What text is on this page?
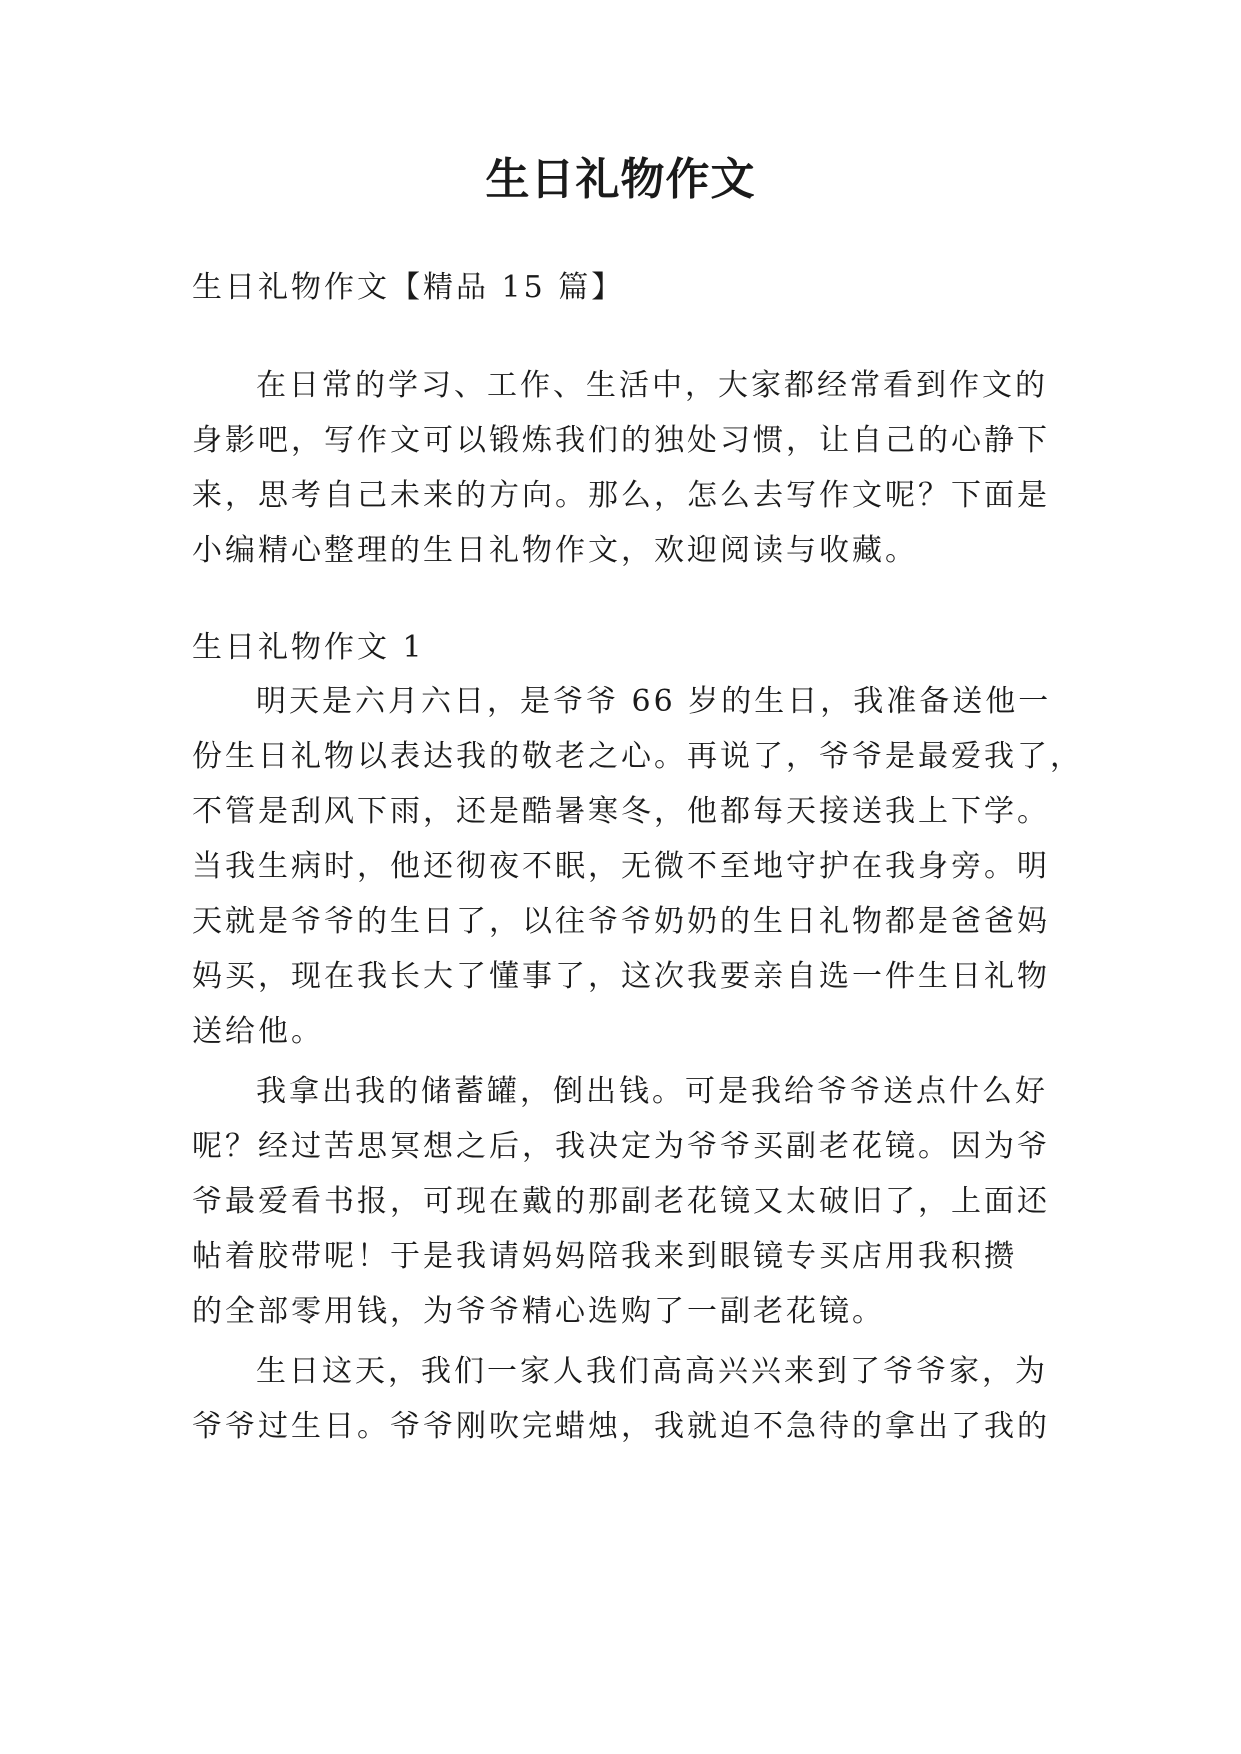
生日礼物作文
生日礼物作文【精品 15 篇】
在日常的学习、工作、生活中，大家都经常看到作文的
身影吧，写作文可以锻炼我们的独处习惯，让自己的心静下
来，思考自己未来的方向。那么，怎么去写作文呢？下面是
小编精心整理的生日礼物作文，欢迎阅读与收藏。
生日礼物作文 1
明天是六月六日，是爷爷 66 岁的生日，我准备送他一
份生日礼物以表达我的敬老之心。再说了，爷爷是最爱我了，
不管是刮风下雨，还是酷暑寒冬，他都每天接送我上下学。
当我生病时，他还彻夜不眠，无微不至地守护在我身旁。明
天就是爷爷的生日了，以往爷爷奶奶的生日礼物都是爸爸妈
妈买，现在我长大了懂事了，这次我要亲自选一件生日礼物
送给他。
我拿出我的储蓄罐，倒出钱。可是我给爷爷送点什么好
呢？经过苦思冥想之后，我决定为爷爷买副老花镜。因为爷
爷最爱看书报，可现在戴的那副老花镜又太破旧了，上面还
帖着胶带呢！于是我请妈妈陪我来到眼镜专买店用我积攒
的全部零用钱，为爷爷精心选购了一副老花镜。
生日这天，我们一家人我们高高兴兴来到了爷爷家，为
爷爷过生日。爷爷刚吹完蜡烛，我就迫不急待的拿出了我的
